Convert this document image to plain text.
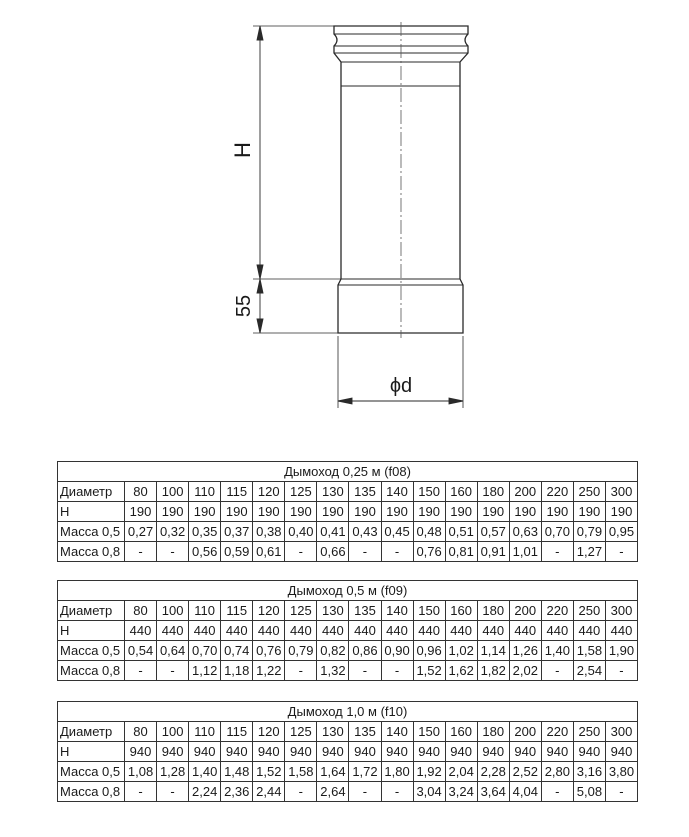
H
55
ϕd
Дымоход 0,25 м (f08)																
Диаметр	80	100	110	115	120	125	130	135	140	150	160	180	200	220	250	300
H	190	190	190	190	190	190	190	190	190	190	190	190	190	190	190	190
Масса 0,5	0,27	0,32	0,35	0,37	0,38	0,40	0,41	0,43	0,45	0,48	0,51	0,57	0,63	0,70	0,79	0,95
Масса 0,8	-	-	0,56	0,59	0,61	-	0,66	-	-	0,76	0,81	0,91	1,01	-	1,27	-
Дымоход 0,5 м (f09)																
Диаметр	80	100	110	115	120	125	130	135	140	150	160	180	200	220	250	300
H	440	440	440	440	440	440	440	440	440	440	440	440	440	440	440	440
Масса 0,5	0,54	0,64	0,70	0,74	0,76	0,79	0,82	0,86	0,90	0,96	1,02	1,14	1,26	1,40	1,58	1,90
Масса 0,8	-	-	1,12	1,18	1,22	-	1,32	-	-	1,52	1,62	1,82	2,02	-	2,54	-
Дымоход 1,0 м (f10)																
Диаметр	80	100	110	115	120	125	130	135	140	150	160	180	200	220	250	300
H	940	940	940	940	940	940	940	940	940	940	940	940	940	940	940	940
Масса 0,5	1,08	1,28	1,40	1,48	1,52	1,58	1,64	1,72	1,80	1,92	2,04	2,28	2,52	2,80	3,16	3,80
Масса 0,8	-	-	2,24	2,36	2,44	-	2,64	-	-	3,04	3,24	3,64	4,04	-	5,08	-
